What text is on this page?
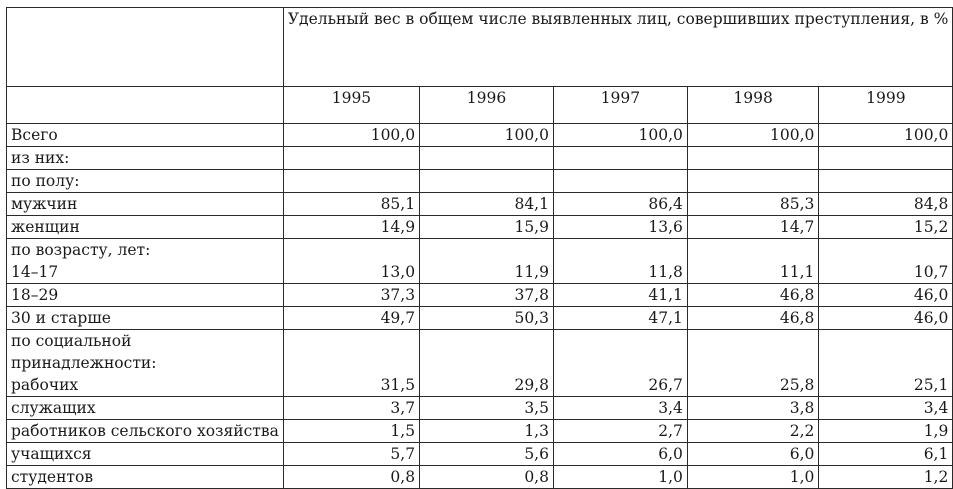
	Удельный вес в общем числе выявленных лиц, совершивших преступления, в %				
	1995	1996	1997	1998	1999
Всего	100,0	100,0	100,0	100,0	100,0
из них:					
по полу:					
мужчин	85,1	84,1	86,4	85,3	84,8
женщин	14,9	15,9	13,6	14,7	15,2

по возрасту, лет:
14–17	13,0	11,9	11,8	11,1	10,7
18–29	37,3	37,8	41,1	46,8	46,0
30 и старше	49,7	50,3	47,1	46,8	46,0

по социальной
принадлежности:
рабочих	31,5	29,8	26,7	25,8	25,1
служащих	3,7	3,5	3,4	3,8	3,4
работников сельского хозяйства	1,5	1,3	2,7	2,2	1,9
учащихся	5,7	5,6	6,0	6,0	6,1
студентов	0,8	0,8	1,0	1,0	1,2
